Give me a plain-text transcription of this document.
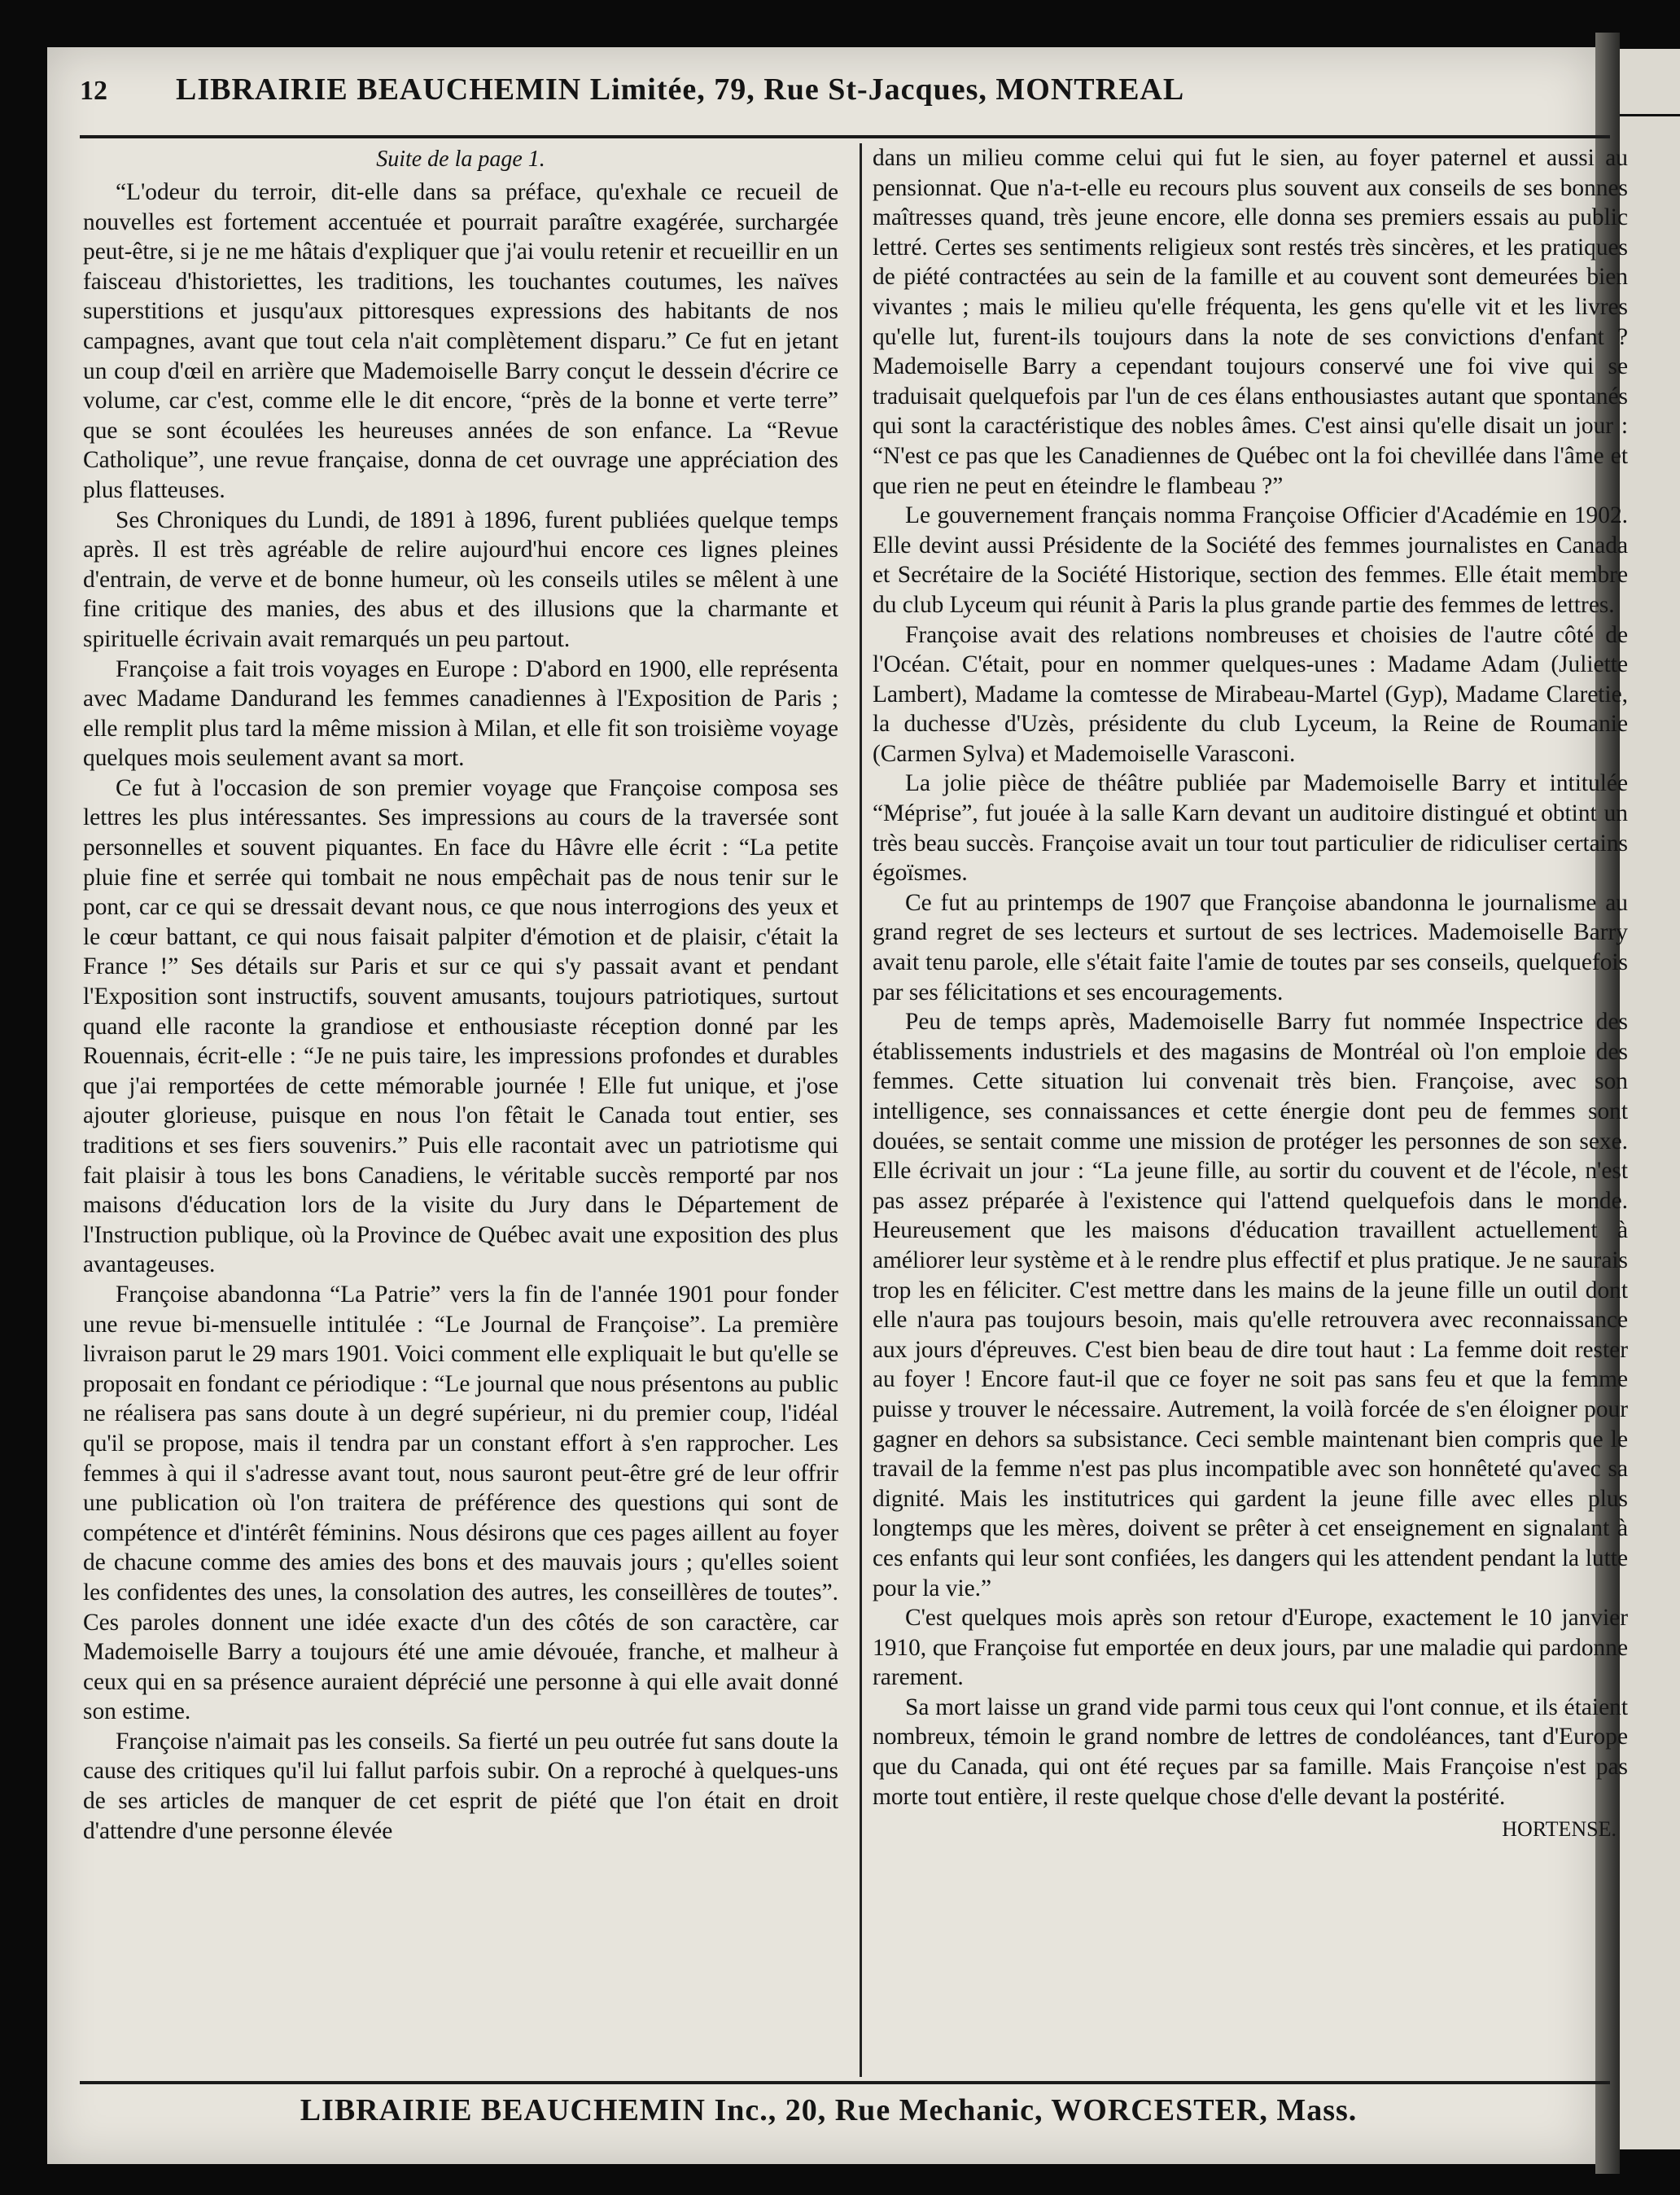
12 LIBRAIRIE BEAUCHEMIN Limitée, 79, Rue St-Jacques, MONTREAL
Suite de la page 1.

“L'odeur du terroir, dit-elle dans sa préface, qu'exhale ce recueil de nouvelles est fortement accentuée et pourrait paraître exagérée, surchargée peut-être, si je ne me hâtais d'expliquer que j'ai voulu retenir et recueillir en un faisceau d'historiettes, les traditions, les touchantes coutumes, les naïves superstitions et jusqu'aux pittoresques expressions des habitants de nos campagnes, avant que tout cela n'ait complètement disparu.” Ce fut en jetant un coup d'œil en arrière que Mademoiselle Barry conçut le dessein d'écrire ce volume, car c'est, comme elle le dit encore, “près de la bonne et verte terre” que se sont écoulées les heureuses années de son enfance. La “Revue Catholique”, une revue française, donna de cet ouvrage une appréciation des plus flatteuses.

Ses Chroniques du Lundi, de 1891 à 1896, furent publiées quelque temps après. Il est très agréable de relire aujourd'hui encore ces lignes pleines d'entrain, de verve et de bonne humeur, où les conseils utiles se mêlent à une fine critique des manies, des abus et des illusions que la charmante et spirituelle écrivain avait remarqués un peu partout.

Françoise a fait trois voyages en Europe : D'abord en 1900, elle représenta avec Madame Dandurand les femmes canadiennes à l'Exposition de Paris ; elle remplit plus tard la même mission à Milan, et elle fit son troisième voyage quelques mois seulement avant sa mort.

Ce fut à l'occasion de son premier voyage que Françoise composa ses lettres les plus intéressantes. Ses impressions au cours de la traversée sont personnelles et souvent piquantes. En face du Hâvre elle écrit : “La petite pluie fine et serrée qui tombait ne nous empêchait pas de nous tenir sur le pont, car ce qui se dressait devant nous, ce que nous interrogions des yeux et le cœur battant, ce qui nous faisait palpiter d'émotion et de plaisir, c'était la France !” Ses détails sur Paris et sur ce qui s'y passait avant et pendant l'Exposition sont instructifs, souvent amusants, toujours patriotiques, surtout quand elle raconte la grandiose et enthousiaste réception donné par les Rouennais, écrit-elle : “Je ne puis taire, les impressions profondes et durables que j'ai remportées de cette mémorable journée ! Elle fut unique, et j'ose ajouter glorieuse, puisque en nous l'on fêtait le Canada tout entier, ses traditions et ses fiers souvenirs.” Puis elle racontait avec un patriotisme qui fait plaisir à tous les bons Canadiens, le véritable succès remporté par nos maisons d'éducation lors de la visite du Jury dans le Département de l'Instruction publique, où la Province de Québec avait une exposition des plus avantageuses.

Françoise abandonna “La Patrie” vers la fin de l'année 1901 pour fonder une revue bi-mensuelle intitulée : “Le Journal de Françoise”. La première livraison parut le 29 mars 1901. Voici comment elle expliquait le but qu'elle se proposait en fondant ce périodique : “Le journal que nous présentons au public ne réalisera pas sans doute à un degré supérieur, ni du premier coup, l'idéal qu'il se propose, mais il tendra par un constant effort à s'en rapprocher. Les femmes à qui il s'adresse avant tout, nous sauront peut-être gré de leur offrir une publication où l'on traitera de préférence des questions qui sont de compétence et d'intérêt féminins. Nous désirons que ces pages aillent au foyer de chacune comme des amies des bons et des mauvais jours ; qu'elles soient les confidentes des unes, la consolation des autres, les conseillères de toutes”. Ces paroles donnent une idée exacte d'un des côtés de son caractère, car Mademoiselle Barry a toujours été une amie dévouée, franche, et malheur à ceux qui en sa présence auraient déprécié une personne à qui elle avait donné son estime.

Françoise n'aimait pas les conseils. Sa fierté un peu outrée fut sans doute la cause des critiques qu'il lui fallut parfois subir. On a reproché à quelques-uns de ses articles de manquer de cet esprit de piété que l'on était en droit d'attendre d'une personne élevée

dans un milieu comme celui qui fut le sien, au foyer paternel et aussi au pensionnat. Que n'a-t-elle eu recours plus souvent aux conseils de ses bonnes maîtresses quand, très jeune encore, elle donna ses premiers essais au public lettré. Certes ses sentiments religieux sont restés très sincères, et les pratiques de piété contractées au sein de la famille et au couvent sont demeurées bien vivantes ; mais le milieu qu'elle fréquenta, les gens qu'elle vit et les livres qu'elle lut, furent-ils toujours dans la note de ses convictions d'enfant ? Mademoiselle Barry a cependant toujours conservé une foi vive qui se traduisait quelquefois par l'un de ces élans enthousiastes autant que spontanés qui sont la caractéristique des nobles âmes. C'est ainsi qu'elle disait un jour : “N'est ce pas que les Canadiennes de Québec ont la foi chevillée dans l'âme et que rien ne peut en éteindre le flambeau ?”

Le gouvernement français nomma Françoise Officier d'Académie en 1902. Elle devint aussi Présidente de la Société des femmes journalistes en Canada et Secrétaire de la Société Historique, section des femmes. Elle était membre du club Lyceum qui réunit à Paris la plus grande partie des femmes de lettres.

Françoise avait des relations nombreuses et choisies de l'autre côté de l'Océan. C'était, pour en nommer quelques-unes : Madame Adam (Juliette Lambert), Madame la comtesse de Mirabeau-Martel (Gyp), Madame Claretie, la duchesse d'Uzès, présidente du club Lyceum, la Reine de Roumanie (Carmen Sylva) et Mademoiselle Varasconi.

La jolie pièce de théâtre publiée par Mademoiselle Barry et intitulée “Méprise”, fut jouée à la salle Karn devant un auditoire distingué et obtint un très beau succès. Françoise avait un tour tout particulier de ridiculiser certains égoïsmes.

Ce fut au printemps de 1907 que Françoise abandonna le journalisme au grand regret de ses lecteurs et surtout de ses lectrices. Mademoiselle Barry avait tenu parole, elle s'était faite l'amie de toutes par ses conseils, quelquefois par ses félicitations et ses encouragements.

Peu de temps après, Mademoiselle Barry fut nommée Inspectrice des établissements industriels et des magasins de Montréal où l'on emploie des femmes. Cette situation lui convenait très bien. Françoise, avec son intelligence, ses connaissances et cette énergie dont peu de femmes sont douées, se sentait comme une mission de protéger les personnes de son sexe. Elle écrivait un jour : “La jeune fille, au sortir du couvent et de l'école, n'est pas assez préparée à l'existence qui l'attend quelquefois dans le monde. Heureusement que les maisons d'éducation travaillent actuellement à améliorer leur système et à le rendre plus effectif et plus pratique. Je ne saurais trop les en féliciter. C'est mettre dans les mains de la jeune fille un outil dont elle n'aura pas toujours besoin, mais qu'elle retrouvera avec reconnaissance aux jours d'épreuves. C'est bien beau de dire tout haut : La femme doit rester au foyer ! Encore faut-il que ce foyer ne soit pas sans feu et que la femme puisse y trouver le nécessaire. Autrement, la voilà forcée de s'en éloigner pour gagner en dehors sa subsistance. Ceci semble maintenant bien compris que le travail de la femme n'est pas plus incompatible avec son honnêteté qu'avec sa dignité. Mais les institutrices qui gardent la jeune fille avec elles plus longtemps que les mères, doivent se prêter à cet enseignement en signalant à ces enfants qui leur sont confiées, les dangers qui les attendent pendant la lutte pour la vie.”

C'est quelques mois après son retour d'Europe, exactement le 10 janvier 1910, que Françoise fut emportée en deux jours, par une maladie qui pardonne rarement.

Sa mort laisse un grand vide parmi tous ceux qui l'ont connue, et ils étaient nombreux, témoin le grand nombre de lettres de condoléances, tant d'Europe que du Canada, qui ont été reçues par sa famille. Mais Françoise n'est pas morte tout entière, il reste quelque chose d'elle devant la postérité.

HORTENSE.
LIBRAIRIE BEAUCHEMIN Inc., 20, Rue Mechanic, WORCESTER, Mass.
